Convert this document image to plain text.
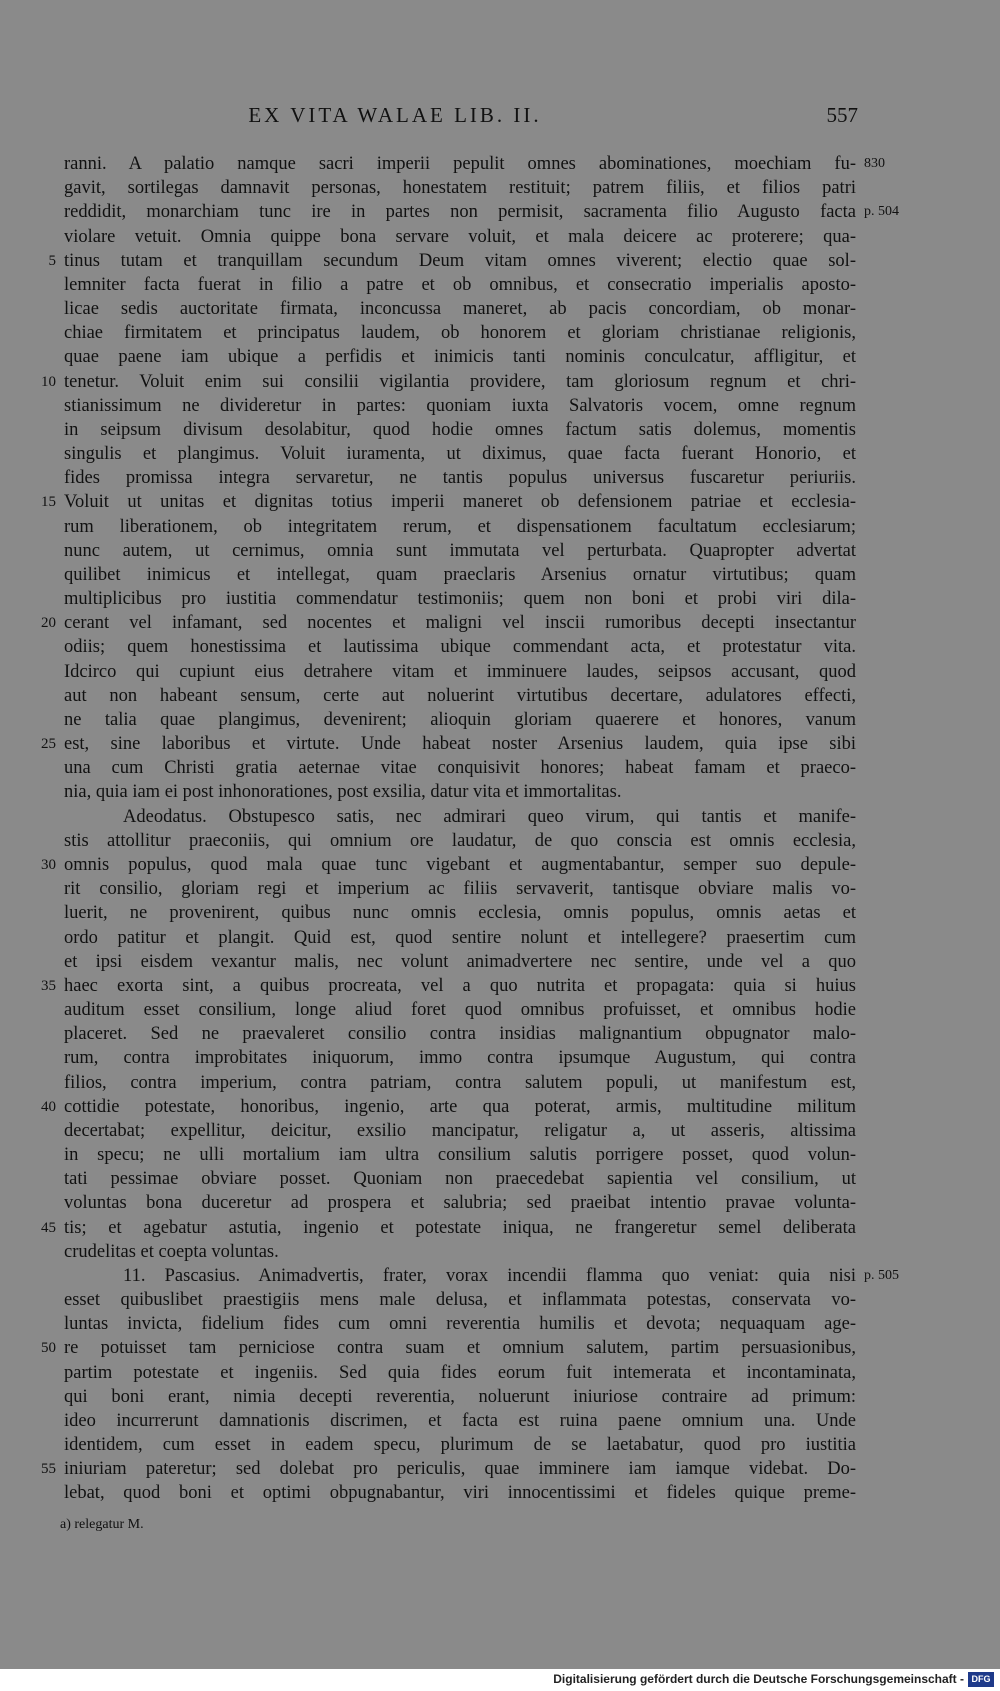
EX VITA WALAE LIB. II.	557
ranni. A palatio namque sacri imperii pepulit omnes abominationes, moechiam fu- 830
gavit, sortilegas damnavit personas, honestatem restituit; patrem filiis, et filios patri
reddidit, monarchiam tunc ire in partes non permisit, sacramenta filio Augusto facta p. 504
violare vetuit. Omnia quippe bona servare voluit, et mala deicere ac proterere; qua-
5 tinus tutam et tranquillam secundum Deum vitam omnes viverent; electio quae sol-
lemniter facta fuerat in filio a patre et ob omnibus, et consecratio imperialis aposto-
licae sedis auctoritate firmata, inconcussa maneret, ab pacis concordiam, ob monar-
chiae firmitatem et principatus laudem, ob honorem et gloriam christianae religionis,
quae paene iam ubique a perfidis et inimicis tanti nominis conculcatur, affligitur, et
10 tenetur. Voluit enim sui consilii vigilantia providere, tam gloriosum regnum et chri-
stianissimum ne divideretur in partes: quoniam iuxta Salvatoris vocem, omne regnum
in seipsum divisum desolabitur, quod hodie omnes factum satis dolemus, momentis
singulis et plangimus. Voluit iuramenta, ut diximus, quae facta fuerant Honorio, et
fides promissa integra servaretur, ne tantis populus universus fuscaretur periuriis.
15 Voluit ut unitas et dignitas totius imperii maneret ob defensionem patriae et ecclesia-
rum liberationem, ob integritatem rerum, et dispensationem facultatum ecclesiarum;
nunc autem, ut cernimus, omnia sunt immutata vel perturbata. Quapropter advertat
quilibet inimicus et intellegat, quam praeclaris Arsenius ornatur virtutibus; quam
multiplicibus pro iustitia commendatur testimoniis; quem non boni et probi viri dila-
20 cerant vel infamant, sed nocentes et maligni vel inscii rumoribus decepti insectantur
odiis; quem honestissima et lautissima ubique commendant acta, et protestatur vita.
Idcirco qui cupiunt eius detrahere vitam et imminuere laudes, seipsos accusant, quod
aut non habeant sensum, certe aut noluerint virtutibus decertare, adulatores effecti,
ne talia quae plangimus, devenirent; alioquin gloriam quaerere et honores, vanum
25 est, sine laboribus et virtute. Unde habeat noster Arsenius laudem, quia ipse sibi
una cum Christi gratia aeternae vitae conquisivit honores; habeat famam et praeco-
nia, quia iam ei post inhonorationes, post exsilia, datur vita et immortalitas.
Adeodatus. Obstupesco satis, nec admirari queo virum, qui tantis et manife-
stis attollitur praeconiis, qui omnium ore laudatur, de quo conscia est omnis ecclesia,
30 omnis populus, quod mala quae tunc vigebant et augmentabantur, semper suo depule-
rit consilio, gloriam regi et imperium ac filiis servaverit, tantisque obviare malis vo-
luerit, ne provenirent, quibus nunc omnis ecclesia, omnis populus, omnis aetas et
ordo patitur et plangit. Quid est, quod sentire nolunt et intellegere? praesertim cum
et ipsi eisdem vexantur malis, nec volunt animadvertere nec sentire, unde vel a quo
35 haec exorta sint, a quibus procreata, vel a quo nutrita et propagata: quia si huius
auditum esset consilium, longe aliud foret quod omnibus profuisset, et omnibus hodie
placeret. Sed ne praevaleret consilio contra insidias malignantium obpugnator malo-
rum, contra improbitates iniquorum, immo contra ipsumque Augustum, qui contra
filios, contra imperium, contra patriam, contra salutem populi, ut manifestum est,
40 cottidie potestate, honoribus, ingenio, arte qua poterat, armis, multitudine militum
decertabat; expellitur, deicitur, exsilio mancipatur, religatur a, ut asseris, altissima
in specu; ne ulli mortalium iam ultra consilium salutis porrigere posset, quod volun-
tati pessimae obviare posset. Quoniam non praecedebat sapientia vel consilium, ut
voluntas bona duceretur ad prospera et salubria; sed praeibat intentio pravae volunta-
45 tis; et agebatur astutia, ingenio et potestate iniqua, ne frangeretur semel deliberata
crudelitas et coepta voluntas.
11. Pascasius. Animadvertis, frater, vorax incendii flamma quo veniat: quia nisi p. 505
esset quibuslibet praestigiis mens male delusa, et inflammata potestas, conservata vo-
luntas invicta, fidelium fides cum omni reverentia humilis et devota; nequaquam age-
50 re potuisset tam perniciose contra suam et omnium salutem, partim persuasionibus,
partim potestate et ingeniis. Sed quia fides eorum fuit intemerata et incontaminata,
qui boni erant, nimia decepti reverentia, noluerunt iniuriose contraire ad primum:
ideo incurrerunt damnationis discrimen, et facta est ruina paene omnium una. Unde
identidem, cum esset in eadem specu, plurimum de se laetabatur, quod pro iustitia
55 iniuriam pateretur; sed dolebat pro periculis, quae imminere iam iamque videbat. Do-
lebat, quod boni et optimi obpugnabantur, viri innocentissimi et fideles quique preme-
a) relegatur M.
Digitalisierung gefördert durch die Deutsche Forschungsgemeinschaft - DFG
